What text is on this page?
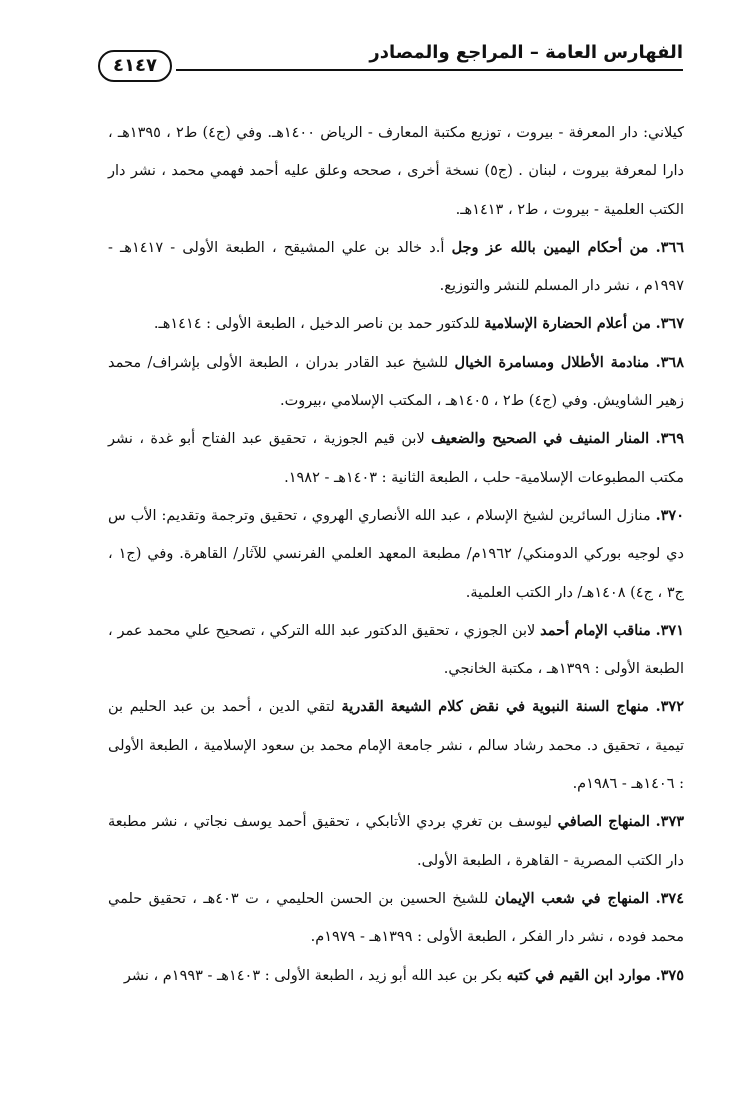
الفهارس العامة – المراجع والمصادر
٤١٤٧

كيلاني: دار المعرفة - بيروت ، توزيع مكتبة المعارف - الرياض ١٤٠٠هـ. وفي (ج٤) ط٢ ، ١٣٩٥هـ ، دارا لمعرفة بيروت ، لبنان . (ج٥) نسخة أخرى ، صححه وعلق عليه أحمد فهمي محمد ، نشر دار الكتب العلمية - بيروت ، ط٢ ، ١٤١٣هـ.

٣٦٦. من أحكام اليمين بالله عز وجل أ.د خالد بن علي المشيقح ، الطبعة الأولى - ١٤١٧هـ - ١٩٩٧م ، نشر دار المسلم للنشر والتوزيع.

٣٦٧. من أعلام الحضارة الإسلامية للدكتور حمد بن ناصر الدخيل ، الطبعة الأولى : ١٤١٤هـ.

٣٦٨. منادمة الأطلال ومسامرة الخيال للشيخ عبد القادر بدران ، الطبعة الأولى بإشراف/ محمد زهير الشاويش. وفي (ج٤) ط٢ ، ١٤٠٥هـ ، المكتب الإسلامي ،بيروت.

٣٦٩. المنار المنيف في الصحيح والضعيف لابن قيم الجوزية ، تحقيق عبد الفتاح أبو غدة ، نشر مكتب المطبوعات الإسلامية- حلب ، الطبعة الثانية : ١٤٠٣هـ - ١٩٨٢.

٣٧٠. منازل السائرين لشيخ الإسلام ، عبد الله الأنصاري الهروي ، تحقيق وترجمة وتقديم: الأب س دي لوجيه بوركي الدومنكي/ ١٩٦٢م/ مطبعة المعهد العلمي الفرنسي للآثار/ القاهرة. وفي (ج١ ، ج٣ ، ج٤) ١٤٠٨هـ/ دار الكتب العلمية.

٣٧١. مناقب الإمام أحمد لابن الجوزي ، تحقيق الدكتور عبد الله التركي ، تصحيح علي محمد عمر ، الطبعة الأولى : ١٣٩٩هـ ، مكتبة الخانجي.

٣٧٢. منهاج السنة النبوية في نقض كلام الشيعة القدرية لتقي الدين ، أحمد بن عبد الحليم بن تيمية ، تحقيق د. محمد رشاد سالم ، نشر جامعة الإمام محمد بن سعود الإسلامية ، الطبعة الأولى : ١٤٠٦هـ - ١٩٨٦م.

٣٧٣. المنهاج الصافي ليوسف بن تغري بردي الأتابكي ، تحقيق أحمد يوسف نجاتي ، نشر مطبعة دار الكتب المصرية - القاهرة ، الطبعة الأولى.

٣٧٤. المنهاج في شعب الإيمان للشيخ الحسين بن الحسن الحليمي ، ت ٤٠٣هـ ، تحقيق حلمي محمد فوده ، نشر دار الفكر ، الطبعة الأولى : ١٣٩٩هـ - ١٩٧٩م.

٣٧٥. موارد ابن القيم في كتبه بكر بن عبد الله أبو زيد ، الطبعة الأولى : ١٤٠٣هـ - ١٩٩٣م ، نشر
